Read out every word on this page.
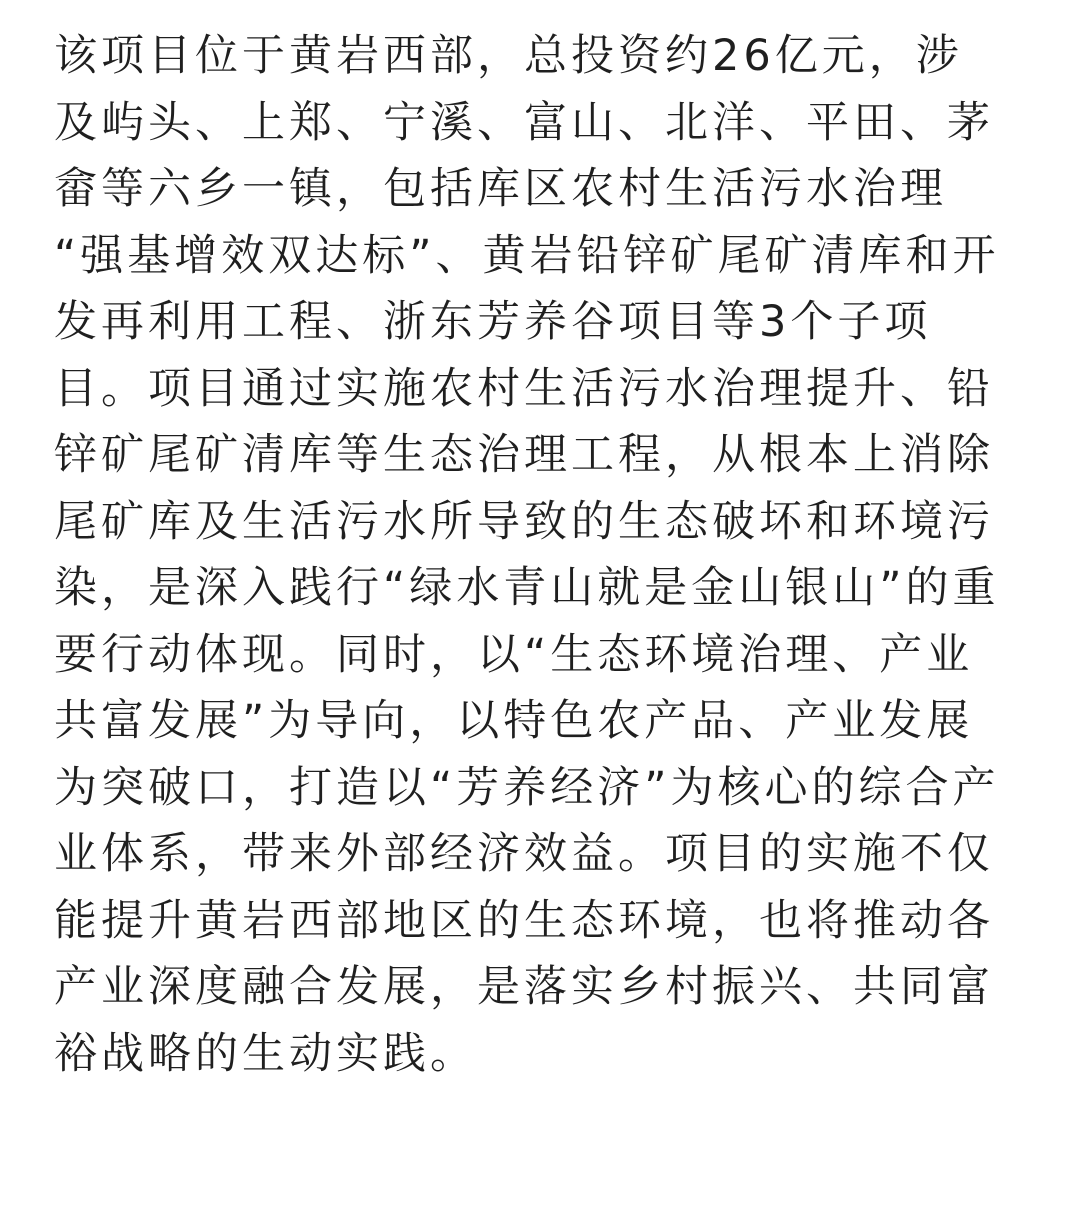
该项目位于黄岩西部，总投资约26亿元，涉
及屿头、上郑、宁溪、富山、北洋、平田、茅
畲等六乡一镇，包括库区农村生活污水治理
“强基增效双达标”、黄岩铅锌矿尾矿清库和开
发再利用工程、浙东芳养谷项目等3个子项
目。项目通过实施农村生活污水治理提升、铅
锌矿尾矿清库等生态治理工程，从根本上消除
尾矿库及生活污水所导致的生态破坏和环境污
染，是深入践行“绿水青山就是金山银山”的重
要行动体现。同时，以“生态环境治理、产业
共富发展”为导向，以特色农产品、产业发展
为突破口，打造以“芳养经济”为核心的综合产
业体系，带来外部经济效益。项目的实施不仅
能提升黄岩西部地区的生态环境，也将推动各
产业深度融合发展，是落实乡村振兴、共同富
裕战略的生动实践。
